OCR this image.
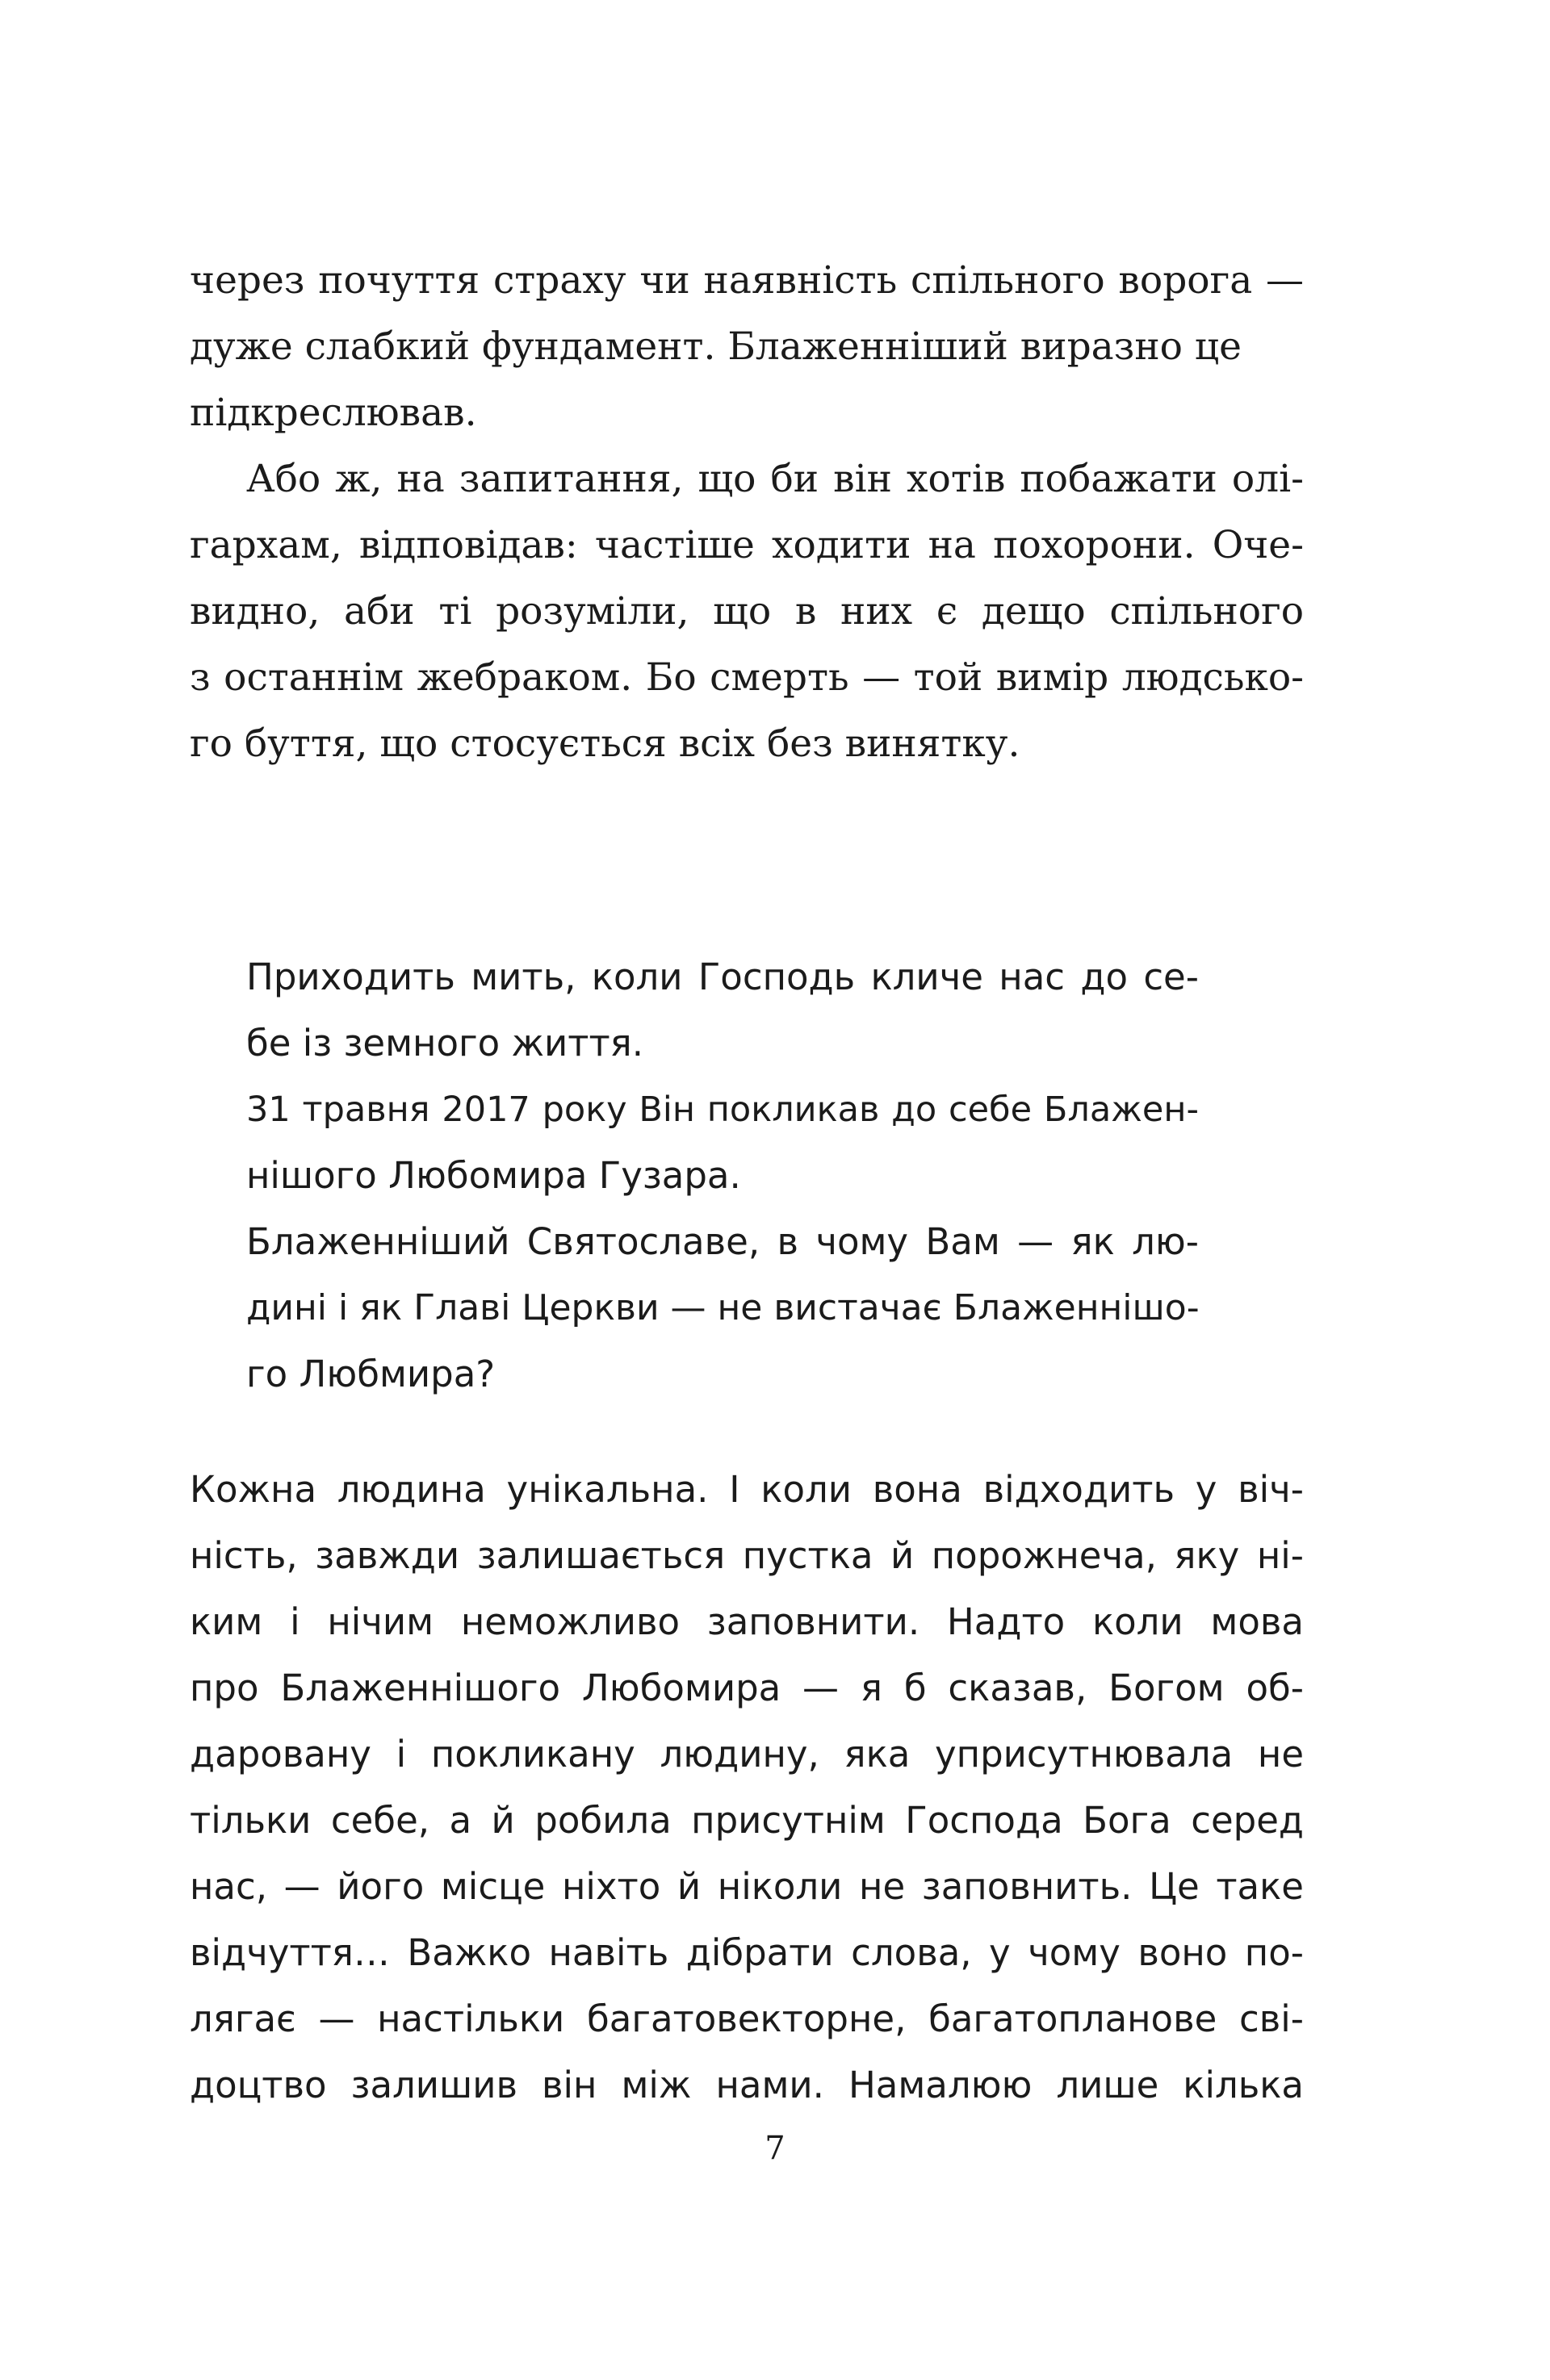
через почуття страху чи наявність спільного ворога —
дуже слабкий фундамент. Блаженніший виразно це
підкреслював.
Або ж, на запитання, що би він хотів побажати олі-
гархам, відповідав: частіше ходити на похорони. Оче-
видно, аби ті розуміли, що в них є дещо спільного
з останнім жебраком. Бо смерть — той вимір людсько-
го буття, що стосується всіх без винятку.
Приходить мить, коли Господь кличе нас до се-
бе із земного життя.
31 травня 2017 року Він покликав до себе Блажен-
нішого Любомира Гузара.
Блаженніший Святославе, в чому Вам — як лю-
дині і як Главі Церкви — не вистачає Блаженнішо-
го Любмира?
Кожна людина унікальна. І коли вона відходить у віч-
ність, завжди залишається пустка й порожнеча, яку ні-
ким і нічим неможливо заповнити. Надто коли мова
про Блаженнішого Любомира — я б сказав, Богом об-
даровану і покликану людину, яка уприсутнювала не
тільки себе, а й робила присутнім Господа Бога серед
нас, — його місце ніхто й ніколи не заповнить. Це таке
відчуття… Важко навіть дібрати слова, у чому воно по-
лягає — настільки багатовекторне, багатопланове сві-
доцтво залишив він між нами. Намалюю лише кілька
7
